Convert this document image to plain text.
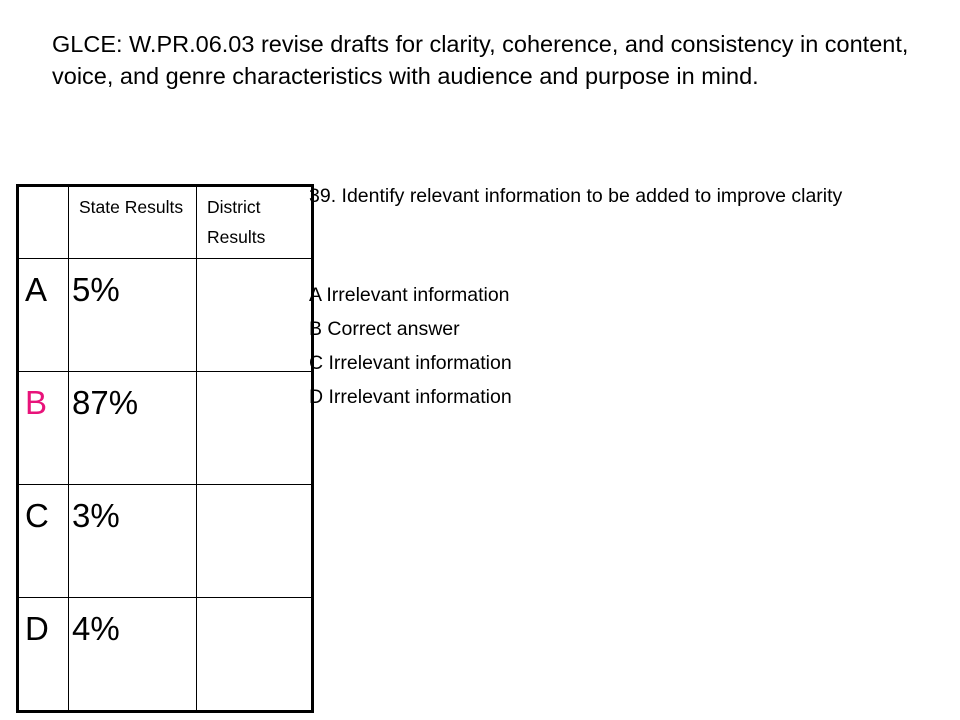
GLCE: W.PR.06.03 revise drafts for clarity, coherence, and consistency in content, voice, and genre characteristics with audience and purpose in mind.

	State Results	District Results

A	5%	

B	87%	

C	3%	

D	4%	

39. Identify relevant information to be added to improve clarity
A Irrelevant information
B Correct answer
C Irrelevant information
D Irrelevant information
